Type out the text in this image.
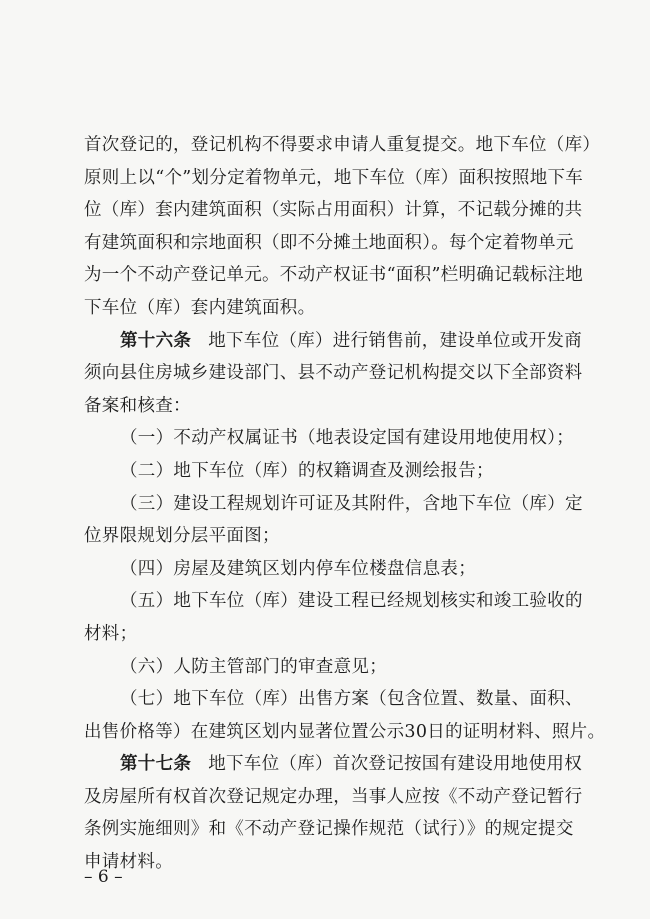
首次登记的，登记机构不得要求申请人重复提交。地下车位（库）
原则上以“个”划分定着物单元，地下车位（库）面积按照地下车
位（库）套内建筑面积（实际占用面积）计算，不记载分摊的共
有建筑面积和宗地面积（即不分摊土地面积）。每个定着物单元
为一个不动产登记单元。不动产权证书“面积”栏明确记载标注地
下车位（库）套内建筑面积。
第十六条 地下车位（库）进行销售前，建设单位或开发商
须向县住房城乡建设部门、县不动产登记机构提交以下全部资料
备案和核查：
（一）不动产权属证书（地表设定国有建设用地使用权）；
（二）地下车位（库）的权籍调查及测绘报告；
（三）建设工程规划许可证及其附件，含地下车位（库）定
位界限规划分层平面图；
（四）房屋及建筑区划内停车位楼盘信息表；
（五）地下车位（库）建设工程已经规划核实和竣工验收的
材料；
（六）人防主管部门的审查意见；
（七）地下车位（库）出售方案（包含位置、数量、面积、
出售价格等）在建筑区划内显著位置公示30日的证明材料、照片。
第十七条 地下车位（库）首次登记按国有建设用地使用权
及房屋所有权首次登记规定办理，当事人应按《不动产登记暂行
条例实施细则》和《不动产登记操作规范（试行）》的规定提交
申请材料。
– 6 –
